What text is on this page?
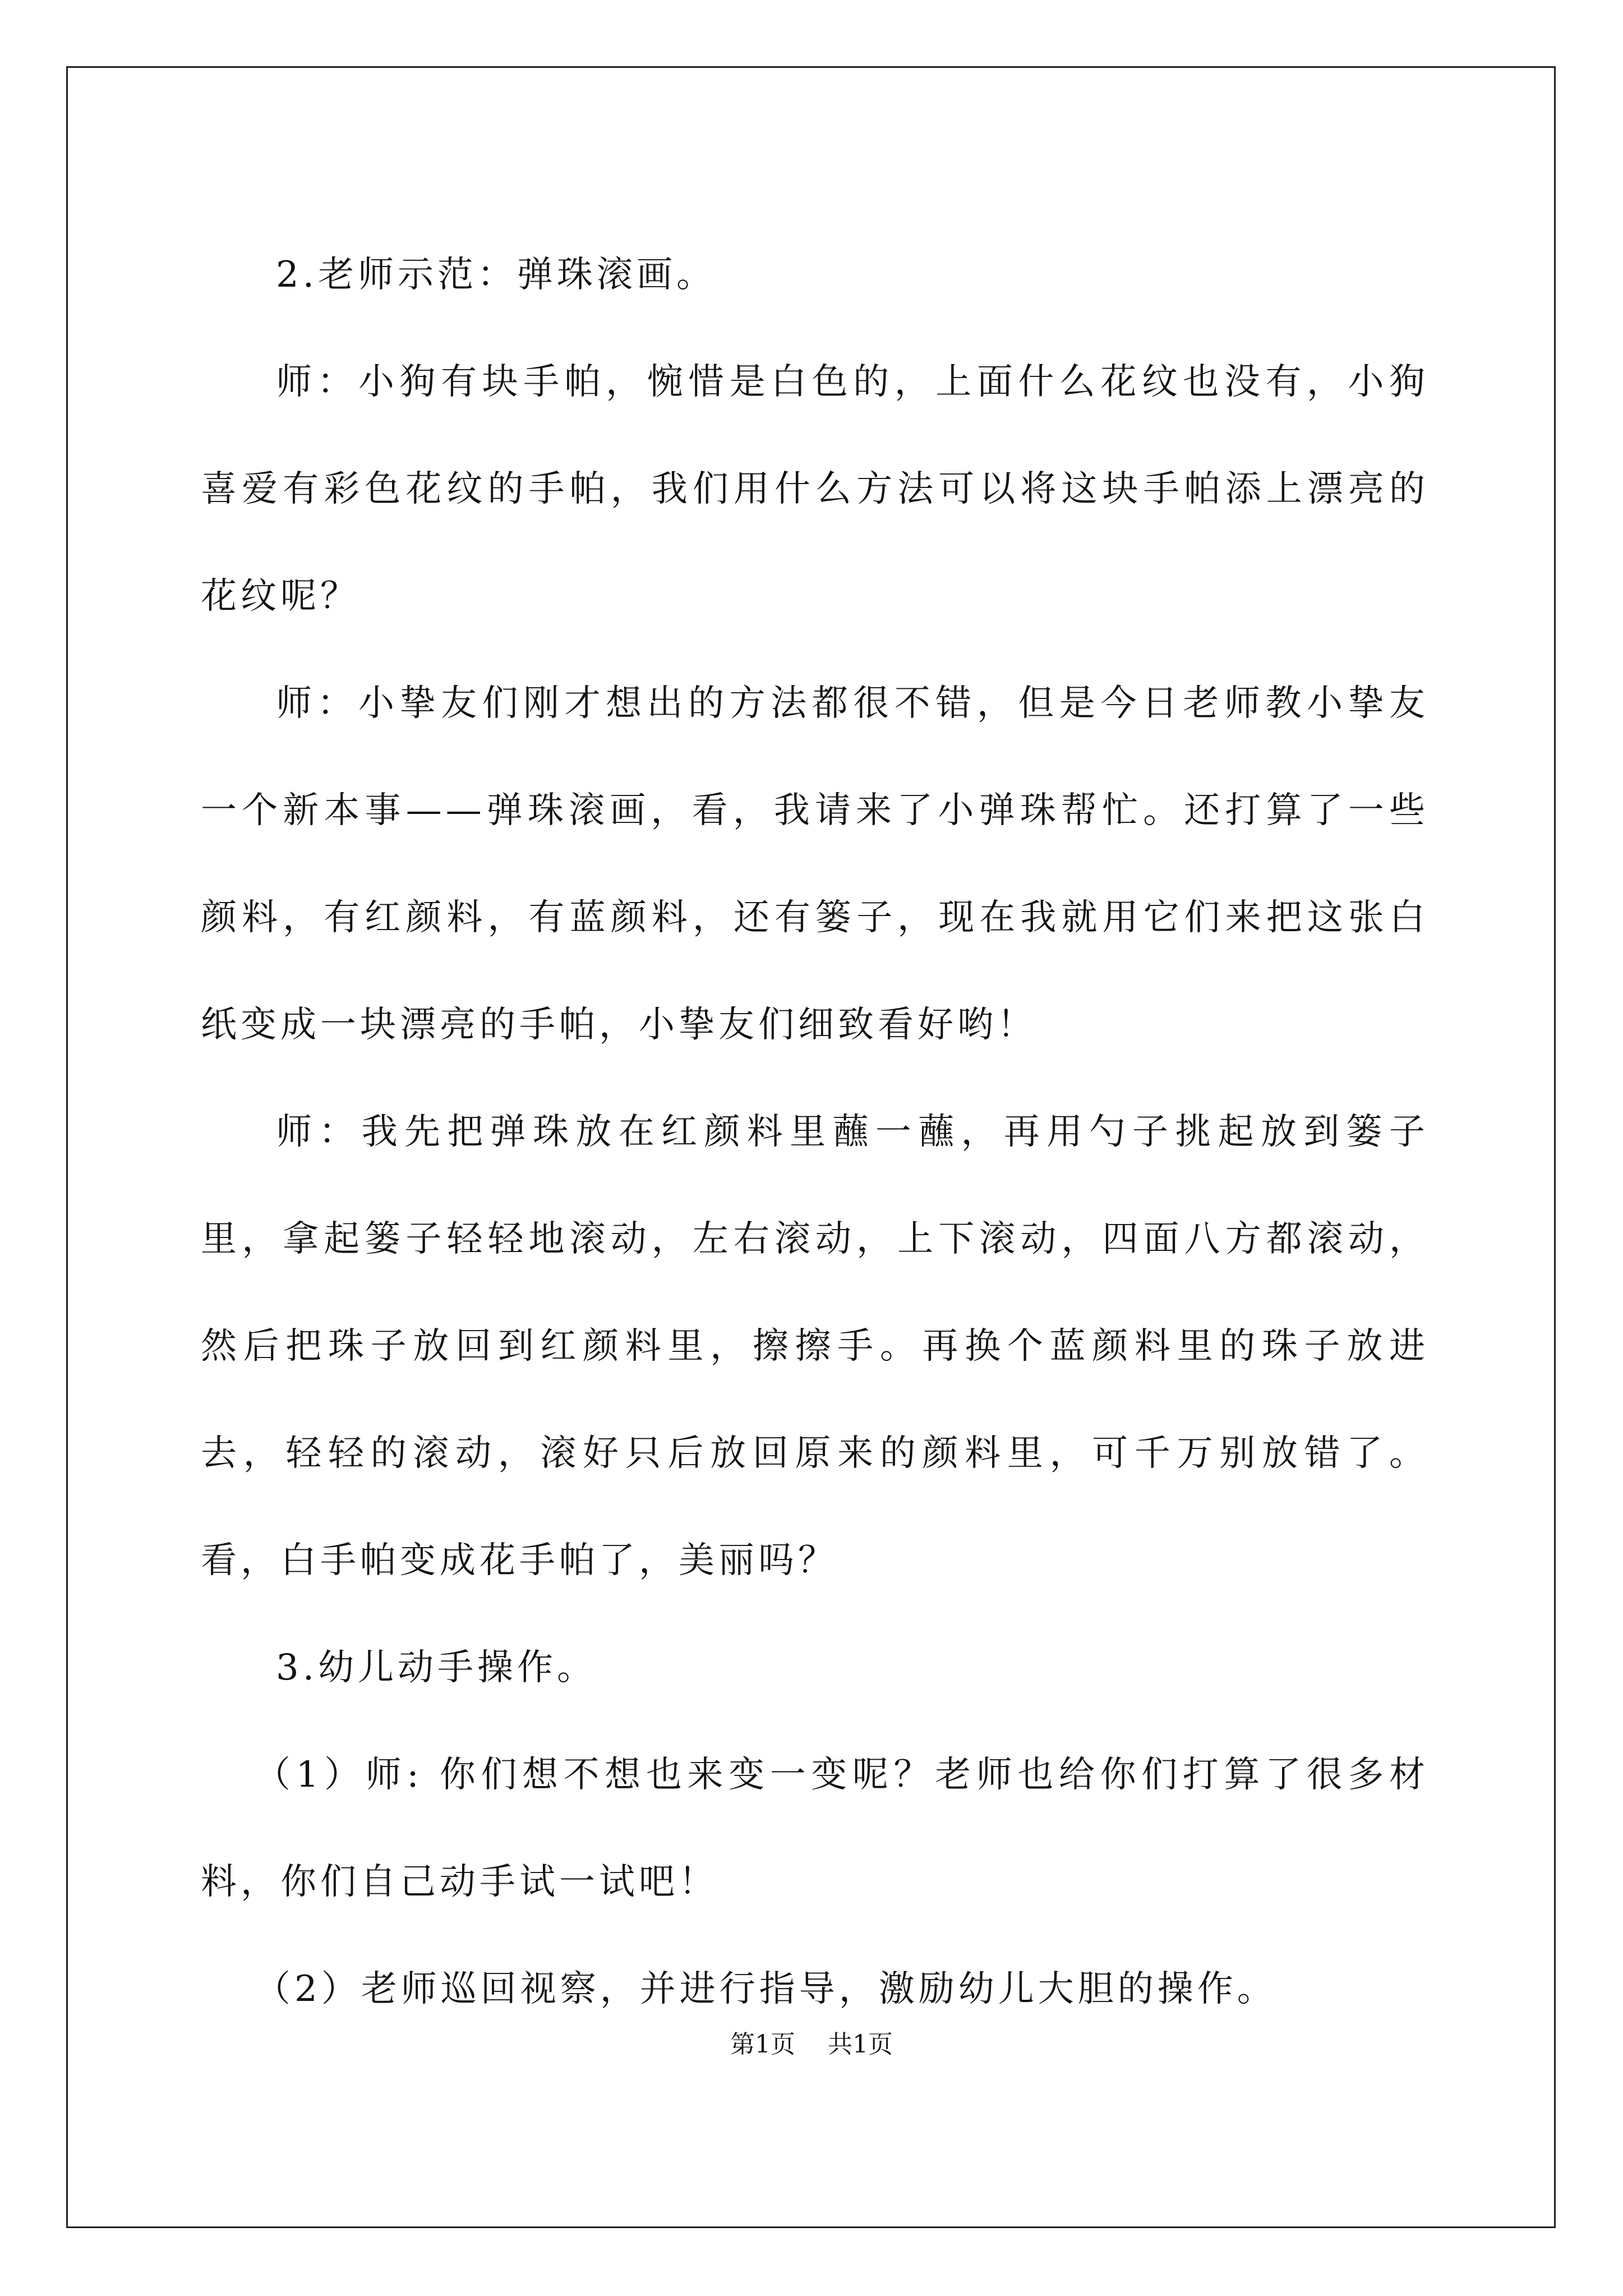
2.老师示范：弹珠滚画。

师：小狗有块手帕，惋惜是白色的，上面什么花纹也没有，小狗喜爱有彩色花纹的手帕，我们用什么方法可以将这块手帕添上漂亮的花纹呢？

师：小挚友们刚才想出的方法都很不错，但是今日老师教小挚友一个新本事——弹珠滚画，看，我请来了小弹珠帮忙。还打算了一些颜料，有红颜料，有蓝颜料，还有篓子，现在我就用它们来把这张白纸变成一块漂亮的手帕，小挚友们细致看好哟！

师：我先把弹珠放在红颜料里蘸一蘸，再用勺子挑起放到篓子里，拿起篓子轻轻地滚动，左右滚动，上下滚动，四面八方都滚动，然后把珠子放回到红颜料里，擦擦手。再换个蓝颜料里的珠子放进去，轻轻的滚动，滚好只后放回原来的颜料里，可千万别放错了。看，白手帕变成花手帕了，美丽吗？

3.幼儿动手操作。

（1）师: 你们想不想也来变一变呢？老师也给你们打算了很多材料，你们自己动手试一试吧！

（2）老师巡回视察，并进行指导，激励幼儿大胆的操作。

第1页 共1页
